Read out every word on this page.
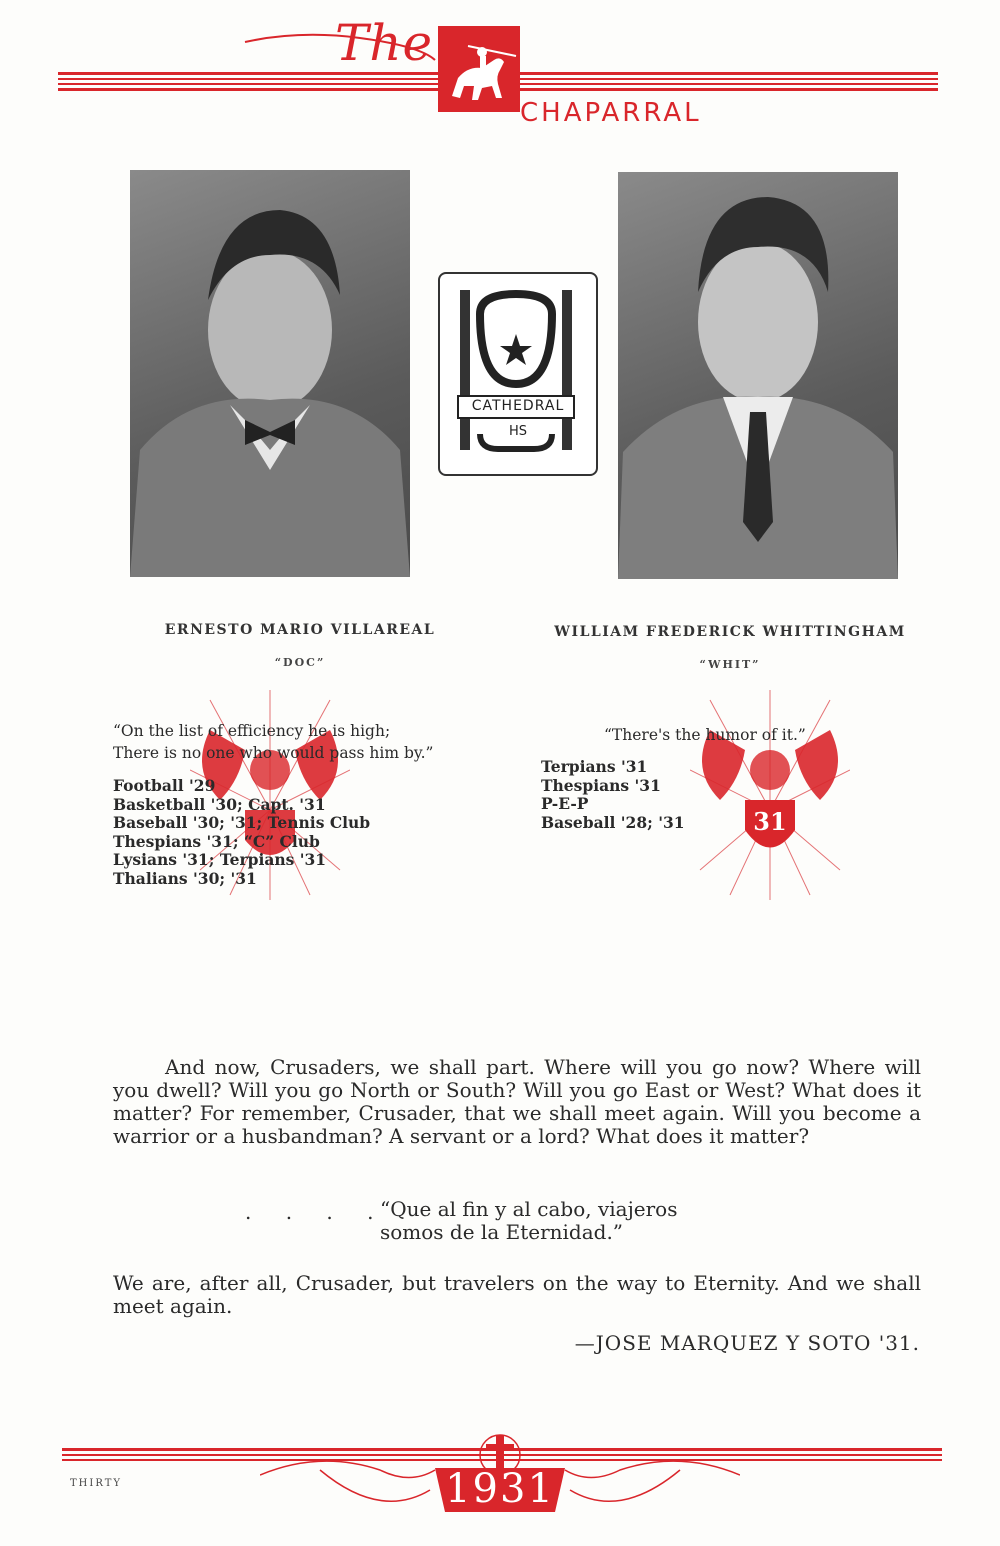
The
CHAPARRAL
CATHEDRAL
HS
31
ERNESTO MARIO VILLAREAL
“DOC”
“On the list of efficiency he is high;
There is no one who would pass him by.”
Football '29
Basketball '30; Capt. '31
Baseball '30; '31; Tennis Club
Thespians '31; “C” Club
Lysians '31; Terpians '31
Thalians '30; '31
WILLIAM FREDERICK WHITTINGHAM
“WHIT”
“There's the humor of it.”
Terpians '31
Thespians '31
P-E-P
Baseball '28; '31
And now, Crusaders, we shall part. Where will you go now? Where will you dwell? Will you go North or South? Will you go East or West? What does it matter? For remember, Crusader, that we shall meet again. Will you become a warrior or a husbandman? A servant or a lord? What does it matter?
. . . .
“Que al fin y al cabo, viajeros
somos de la Eternidad.”
We are, after all, Crusader, but travelers on the way to Eternity. And we shall meet again.
—JOSE MARQUEZ Y SOTO '31.
1931
THIRTY
